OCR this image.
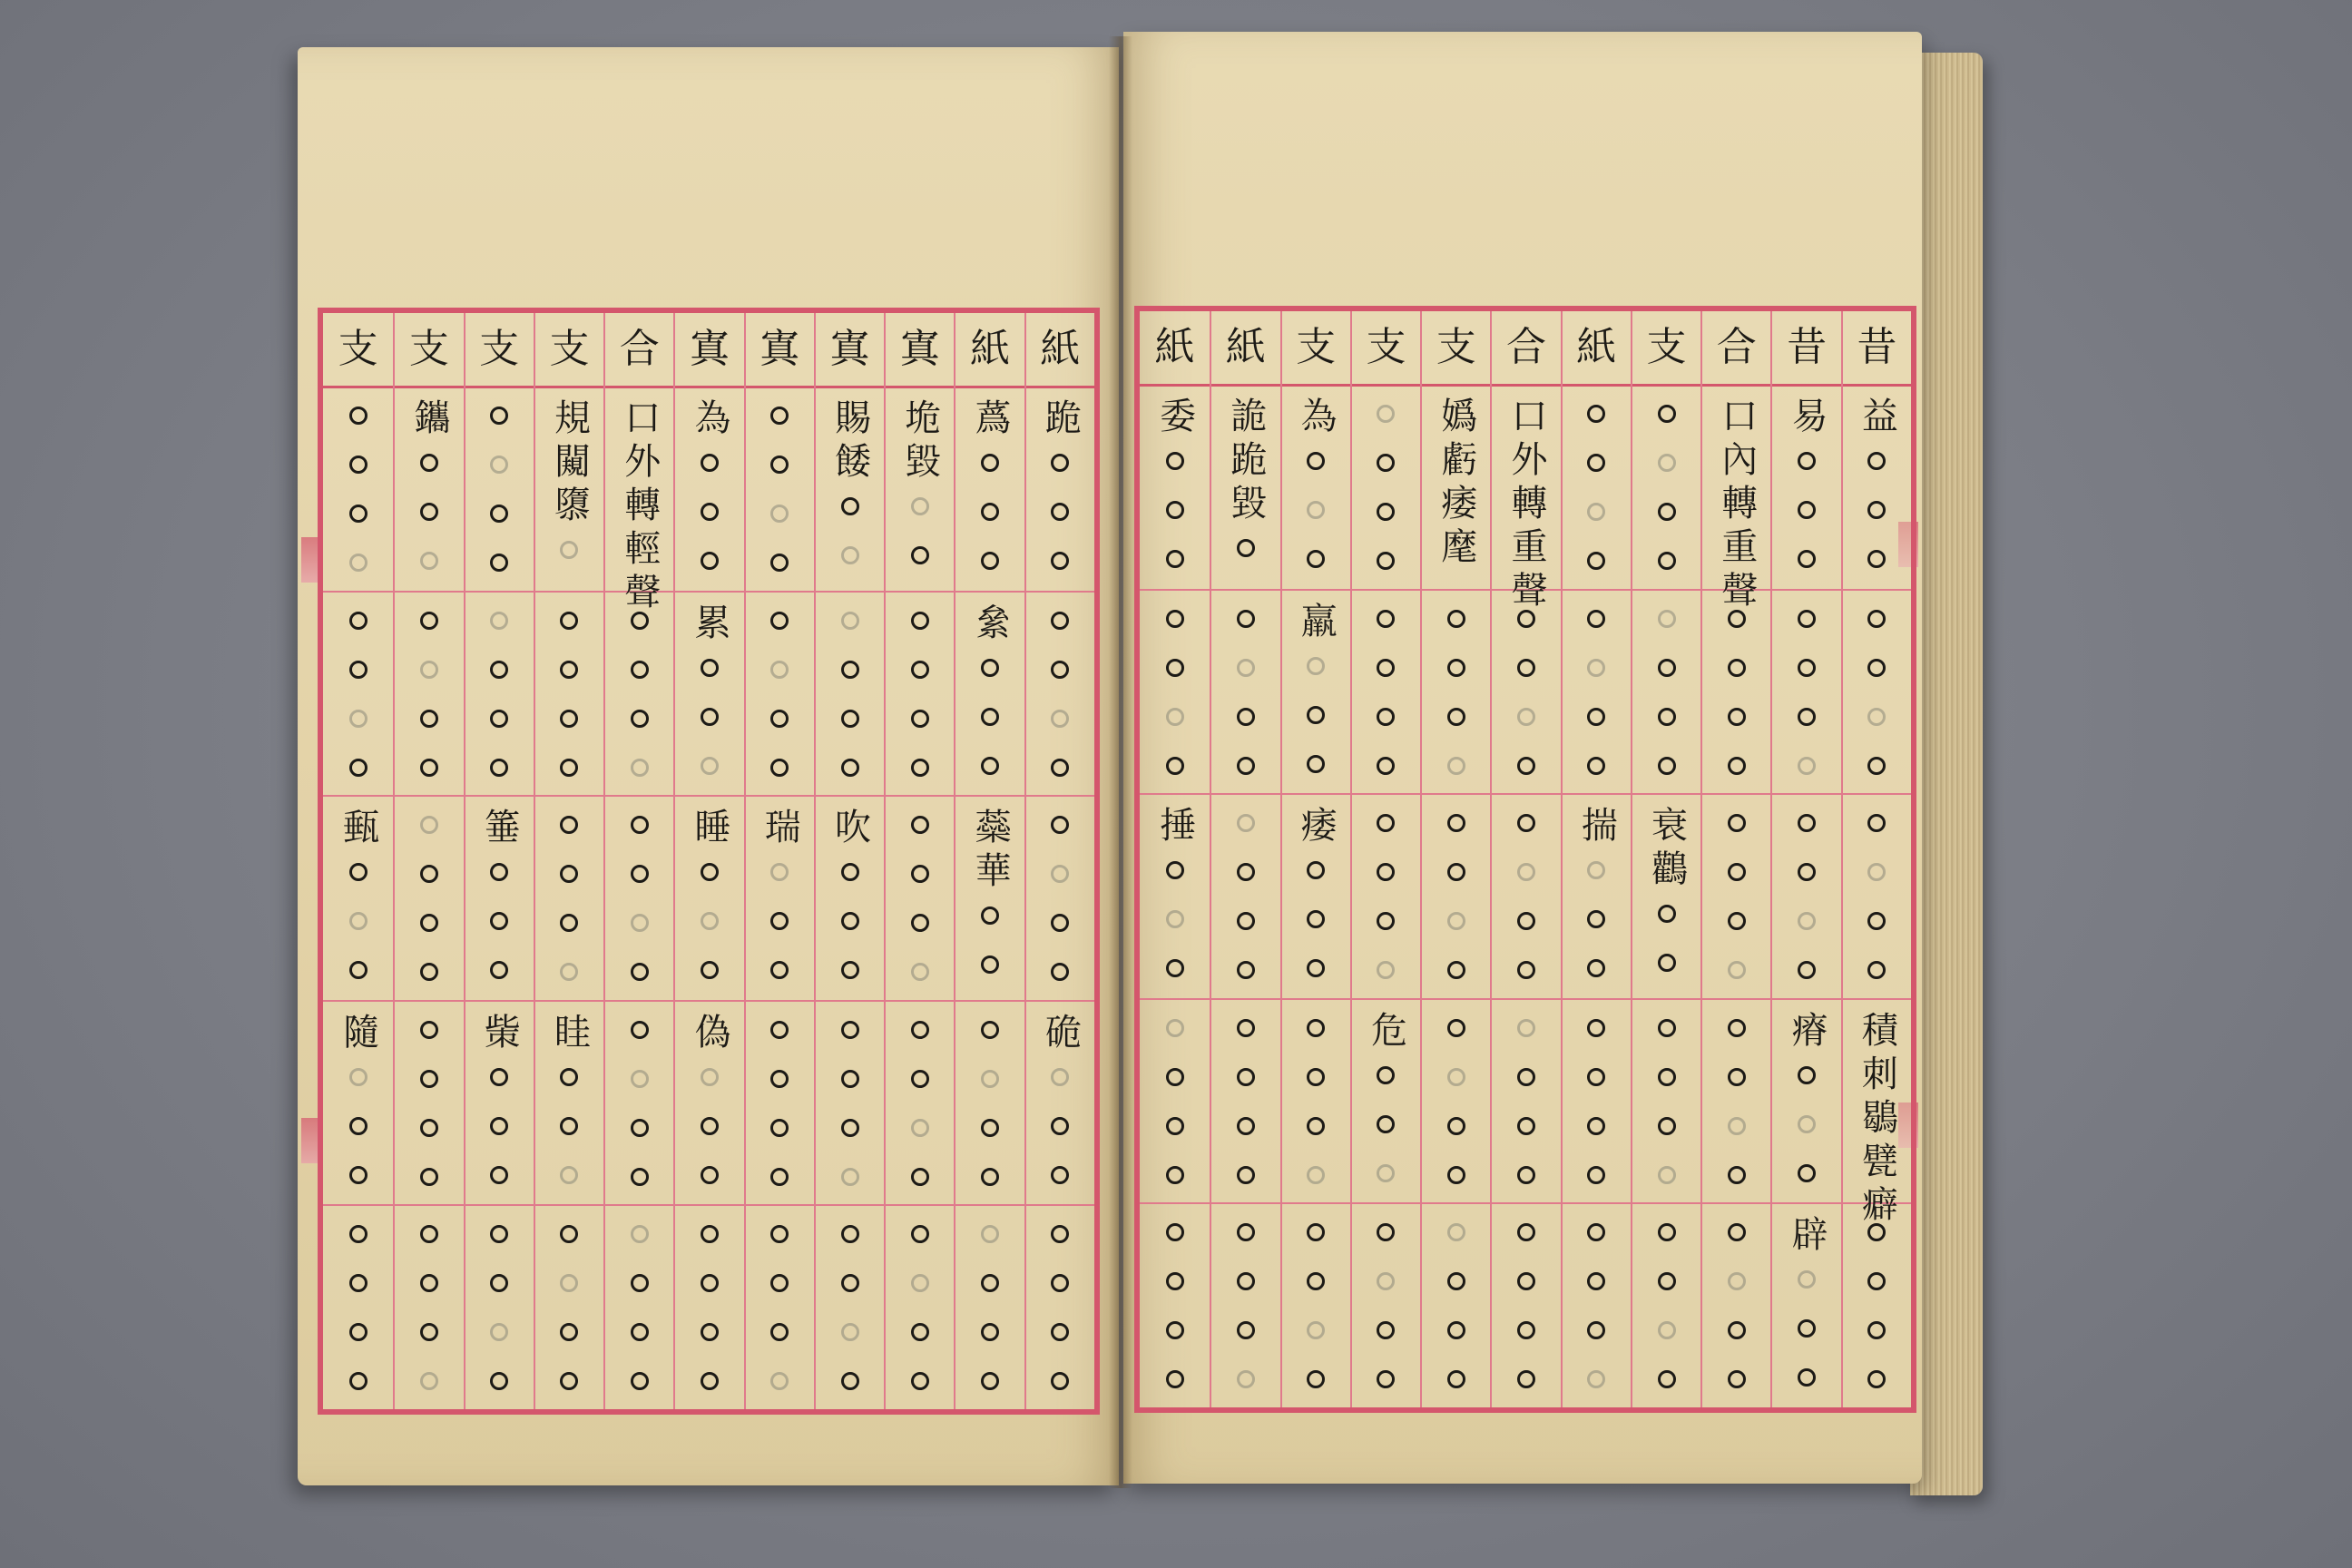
支
甀
隨
支
鑴
支
箠
㭰
支
規闚隳
眭
合
口外轉輕聲
寘
為
累
睡
偽
寘
瑞
寘
賜餧
吹
寘
垝毀
紙
蔿
絫
蘂華
紙
跪
硊
紙
委
捶
紙
詭跪毀
支
為
羸
痿
支
危
支
嬀虧痿麾
合
口外轉重聲
紙
揣
支
衰鸛
合
口內轉重聲
昔
易
瘠
辟
昔
益
積刺鶡甓癖
